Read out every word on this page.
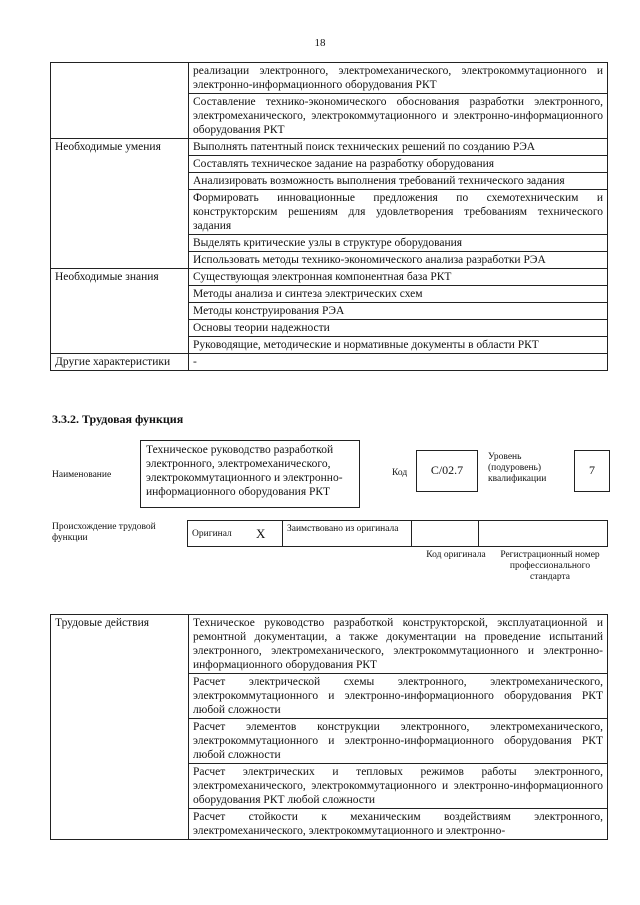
18
	реализации электронного, электромеханического, электрокоммутационного и электронно-информационного оборудования РКТ
	Составление технико-экономического обоснования разработки электронного, электромеханического, электрокоммутационного и электронно-информационного оборудования РКТ
Необходимые умения	Выполнять патентный поиск технических решений по созданию РЭА
	Составлять техническое задание на разработку оборудования
	Анализировать возможность выполнения требований технического задания
	Формировать инновационные предложения по схемотехническим и конструкторским решениям для удовлетворения требованиям технического задания
	Выделять критические узлы в структуре оборудования
	Использовать методы технико-экономического анализа разработки РЭА
Необходимые знания	Существующая электронная компонентная база РКТ
	Методы анализа и синтеза электрических схем
	Методы конструирования РЭА
	Основы теории надежности
	Руководящие, методические и нормативные документы в области РКТ
Другие характеристики	-
3.3.2. Трудовая функция
Наименование
Техническое руководство разработкой электронного, электромеханического, электрокоммутационного и электронно-информационного оборудования РКТ
Код	С/02.7
Уровень (подуровень) квалификации
7
Происхождение трудовой функции	Оригинал	X	Заимствовано из оригинала		
Код оригинала	Регистрационный номер профессионального стандарта
Трудовые действия	Техническое руководство разработкой конструкторской, эксплуатационной и ремонтной документации, а также документации на проведение испытаний электронного, электромеханического, электрокоммутационного и электронно-информационного оборудования РКТ
Расчет электрической схемы электронного, электромеханического, электрокоммутационного и электронно-информационного оборудования РКТ любой сложности
Расчет элементов конструкции электронного, электромеханического, электрокоммутационного и электронно-информационного оборудования РКТ любой сложности
Расчет электрических и тепловых режимов работы электронного, электромеханического, электрокоммутационного и электронно-информационного оборудования РКТ любой сложности
Расчет стойкости к механическим воздействиям электронного, электромеханического, электрокоммутационного и электронно-
